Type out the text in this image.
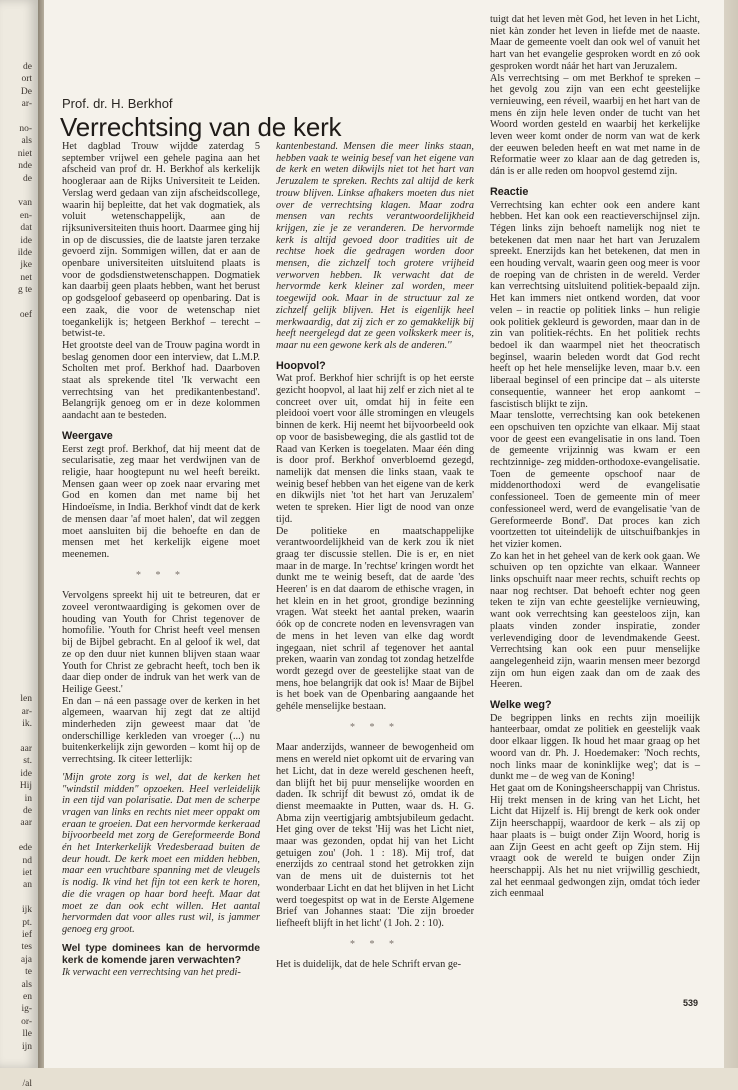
de
ort
De
ar-
no-
als
niet
nde
de
van
en-
dat
ide
ilde
jke
net
g te
oef
len
ar-
ik.
aar
st.
ide
Hij
in
de
aar
ede
nd
iet
an
ijk
pt.
ief
tes
aja
te
als
en
ig-
or-
lle
ijn
/al
Prof. dr. H. Berkhof
Verrechtsing van de kerk

Het dagblad Trouw wijdde zaterdag 5 september vrijwel een gehele pagina aan het afscheid van prof dr. H. Berkhof als kerkelijk hoogleraar aan de Rijks Universiteit te Leiden. Verslag werd gedaan van zijn afscheidscollege, waarin hij bepleitte, dat het vak dogmatiek, als voluit wetenschappelijk, aan de rijksuniversiteiten thuis hoort. Daarmee ging hij in op de discussies, die de laatste jaren terzake gevoerd zijn. Sommigen willen, dat er aan de openbare universiteiten uitsluitend plaats is voor de godsdienstwetenschappen. Dogmatiek kan daarbij geen plaats hebben, want het berust op godsgeloof gebaseerd op openbaring. Dat is een zaak, die voor de wetenschap niet toegankelijk is; hetgeen Berkhof – terecht – betwist-te.

Het grootste deel van de Trouw pagina wordt in beslag genomen door een interview, dat L.M.P. Scholten met prof. Berkhof had. Daarboven staat als sprekende titel 'Ik verwacht een verrechtsing van het predikantenbestand'. Belangrijk genoeg om er in deze kolommen aandacht aan te besteden.

Weergave

Eerst zegt prof. Berkhof, dat hij meent dat de secularisatie, zeg maar het verdwijnen van de religie, haar hoogtepunt nu wel heeft bereikt. Mensen gaan weer op zoek naar ervaring met God en komen dan met name bij het Hindoeïsme, in India. Berkhof vindt dat de kerk de mensen daar 'af moet halen', dat wil zeggen moet aansluiten bij die behoefte en dan de mensen met het kerkelijk eigene moet meenemen.

* * *

Vervolgens spreekt hij uit te betreuren, dat er zoveel verontwaardiging is gekomen over de houding van Youth for Christ tegenover de homofilie. 'Youth for Christ heeft veel mensen bij de Bijbel gebracht. En al geloof ik wel, dat ze op den duur niet kunnen blijven staan waar Youth for Christ ze gebracht heeft, toch ben ik daar diep onder de indruk van het werk van de Heilige Geest.'

En dan – ná een passage over de kerken in het algemeen, waarvan hij zegt dat ze altijd minderheden zijn geweest maar dat 'de onderschillige kerkleden van vroeger (...) nu buitenkerkelijk zijn geworden – komt hij op de verrechtsing. Ik citeer letterlijk:

'Mijn grote zorg is wel, dat de kerken het "windstil midden" opzoeken. Heel verleidelijk in een tijd van polarisatie. Dat men de scherpe vragen van links en rechts niet meer oppakt om eraan te groeien. Dat een hervormde kerkeraad bijvoorbeeld met zorg de Gereformeerde Bond én het Interkerkelijk Vredesberaad buiten de deur houdt. De kerk moet een midden hebben, maar een vruchtbare spanning met de vleugels is nodig. Ik vind het fijn tot een kerk te horen, die die vragen op haar bord heeft. Maar dat moet ze dan ook echt willen. Het aantal hervormden dat voor alles rust wil, is jammer genoeg erg groot.

Wel type dominees kan de hervormde kerk de komende jaren verwachten?

Ik verwacht een verrechtsing van het predi-

kantenbestand. Mensen die meer links staan, hebben vaak te weinig besef van het eigene van de kerk en weten dikwijls niet tot het hart van Jeruzalem te spreken. Rechts zal altijd de kerk trouw blijven. Linkse afhakers moeten dus niet over de verrechtsing klagen. Maar zodra mensen van rechts verantwoordelijkheid krijgen, zie je ze veranderen. De hervormde kerk is altijd gevoed door tradities uit de rechtse hoek die gedragen worden door mensen, die zichzelf toch grotere vrijheid verworven hebben. Ik verwacht dat de hervormde kerk kleiner zal worden, meer toegewijd ook. Maar in de structuur zal ze zichzelf gelijk blijven. Het is eigenlijk heel merkwaardig, dat zij zich er zo gemakkelijk bij heeft neergelegd dat ze geen volkskerk meer is, maar nu een gewone kerk als de anderen.''

Hoopvol?

Wat prof. Berkhof hier schrijft is op het eerste gezicht hoopvol, al laat hij zelf er zich niet al te concreet over uit, omdat hij in feite een pleidooi voert voor álle stromingen en vleugels binnen de kerk. Hij neemt het bijvoorbeeld ook op voor de basisbeweging, die als gastlid tot de Raad van Kerken is toegelaten. Maar één ding is door prof. Berkhof onverbloemd gezegd, namelijk dat mensen die links staan, vaak te weinig besef hebben van het eigene van de kerk en dikwijls niet 'tot het hart van Jeruzalem' weten te spreken. Hier ligt de nood van onze tijd.

De politieke en maatschappelijke verantwoordelijkheid van de kerk zou ik niet graag ter discussie stellen. Die is er, en niet maar in de marge. In 'rechtse' kringen wordt het dunkt me te weinig beseft, dat de aarde 'des Heeren' is en dat daarom de ethische vragen, in het klein en in het groot, grondige bezinning vragen. Wat steekt het aantal preken, waarin óók op de concrete noden en levensvragen van de mens in het leven van elke dag wordt ingegaan, niet schril af tegenover het aantal preken, waarin van zondag tot zondag hetzelfde wordt gezegd over de geestelijke staat van de mens, hoe belangrijk dat ook is! Maar de Bijbel is het boek van de Openbaring aangaande het gehéle menselijke bestaan.

* * *

Maar anderzijds, wanneer de bewogenheid om mens en wereld niet opkomt uit de ervaring van het Licht, dat in deze wereld geschenen heeft, dan blijft het bij puur menselijke woorden en daden. Ik schrijf dit bewust zó, omdat ik de dienst meemaakte in Putten, waar ds. H. G. Abma zijn veertigjarig ambtsjubileum gedacht. Het ging over de tekst 'Hij was het Licht niet, maar was gezonden, opdat hij van het Licht getuigen zou' (Joh. 1 : 18). Mij trof, dat enerzijds zo centraal stond het getrokken zijn van de mens uit de duisternis tot het wonderbaar Licht en dat het blijven in het Licht werd toegespitst op wat in de Eerste Algemene Brief van Johannes staat: 'Die zijn broeder liefheeft blijft in het licht' (1 Joh. 2 : 10).

* * *

Het is duidelijk, dat de hele Schrift ervan ge-

tuigt dat het leven mèt God, het leven in het Licht, niet kàn zonder het leven in liefde met de naaste. Maar de gemeente voelt dan ook wel of vanuit het hart van het evangelie gesproken wordt en zó ook gesproken wordt náár het hart van Jeruzalem.

Als verrechtsing – om met Berkhof te spreken – het gevolg zou zijn van een echt geestelijke vernieuwing, een réveil, waarbij en het hart van de mens én zijn hele leven onder de tucht van het Woord worden gesteld en waarbij het kerkelijke leven weer komt onder de norm van wat de kerk der eeuwen beleden heeft en wat met name in de Reformatie weer zo klaar aan de dag getreden is, dán is er alle reden om hoopvol gestemd zijn.

Reactie

Verrechtsing kan echter ook een andere kant hebben. Het kan ook een reactieverschijnsel zijn. Tégen links zijn behoeft namelijk nog niet te betekenen dat men naar het hart van Jeruzalem spreekt. Enerzijds kan het betekenen, dat men in een houding vervalt, waarin geen oog meer is voor de roeping van de christen in de wereld. Verder kan verrechtsing uitsluitend politiek-bepaald zijn. Het kan immers niet ontkend worden, dat voor velen – in reactie op politiek links – hun religie ook politiek gekleurd is geworden, maar dan in de zin van politiek-réchts. En het politiek rechts bedoel ik dan waarmpel niet het theocratisch beginsel, waarin beleden wordt dat God recht heeft op het hele menselijke leven, maar b.v. een liberaal beginsel of een principe dat – als uiterste consequentie, wanneer het erop aankomt – fascistisch blijkt te zijn.

Maar tenslotte, verrechtsing kan ook betekenen een opschuiven ten opzichte van elkaar. Mij staat voor de geest een evangelisatie in ons land. Toen de gemeente vrijzinnig was kwam er een rechtzinnige- zeg midden-orthodoxe-evangelisatie. Toen de gemeente opschoof naar de middenorthodoxi werd de evangelisatie confessioneel. Toen de gemeente min of meer confessioneel werd, werd de evangelisatie 'van de Gereformeerde Bond'. Dat proces kan zich voortzetten tot uiteindelijk de uitschuifbankjes in het vizier komen.

Zo kan het in het geheel van de kerk ook gaan. We schuiven op ten opzichte van elkaar. Wanneer links opschuift naar meer rechts, schuift rechts op naar nog rechtser. Dat behoeft echter nog geen teken te zijn van echte geestelijke vernieuwing, want ook verrechtsing kan geesteloos zijn, kan plaats vinden zonder inspiratie, zonder verlevendiging door de levendmakende Geest. Verrechtsing kan ook een puur menselijke aangelegenheid zijn, waarin mensen meer bezorgd zijn om hun eigen zaak dan om de zaak des Heeren.

Welke weg?

De begrippen links en rechts zijn moeilijk hanteerbaar, omdat ze politiek en geestelijk vaak door elkaar liggen. Ik houd het maar graag op het woord van dr. Ph. J. Hoedemaker: 'Noch rechts, noch links maar de koninklijke weg'; dat is – dunkt me – de weg van de Koning!

Het gaat om de Koningsheerschappij van Christus. Hij trekt mensen in de kring van het Licht, het Licht dat Hijzelf is. Hij brengt de kerk ook onder Zijn heerschappij, waardoor de kerk – als zij op haar plaats is – buigt onder Zijn Woord, horig is aan Zijn Geest en acht geeft op Zijn stem. Hij vraagt ook de wereld te buigen onder Zijn heerschappij. Als het nu niet vrijwillig geschiedt, zal het eenmaal gedwongen zijn, omdat tóch ieder zich eenmaal

539
